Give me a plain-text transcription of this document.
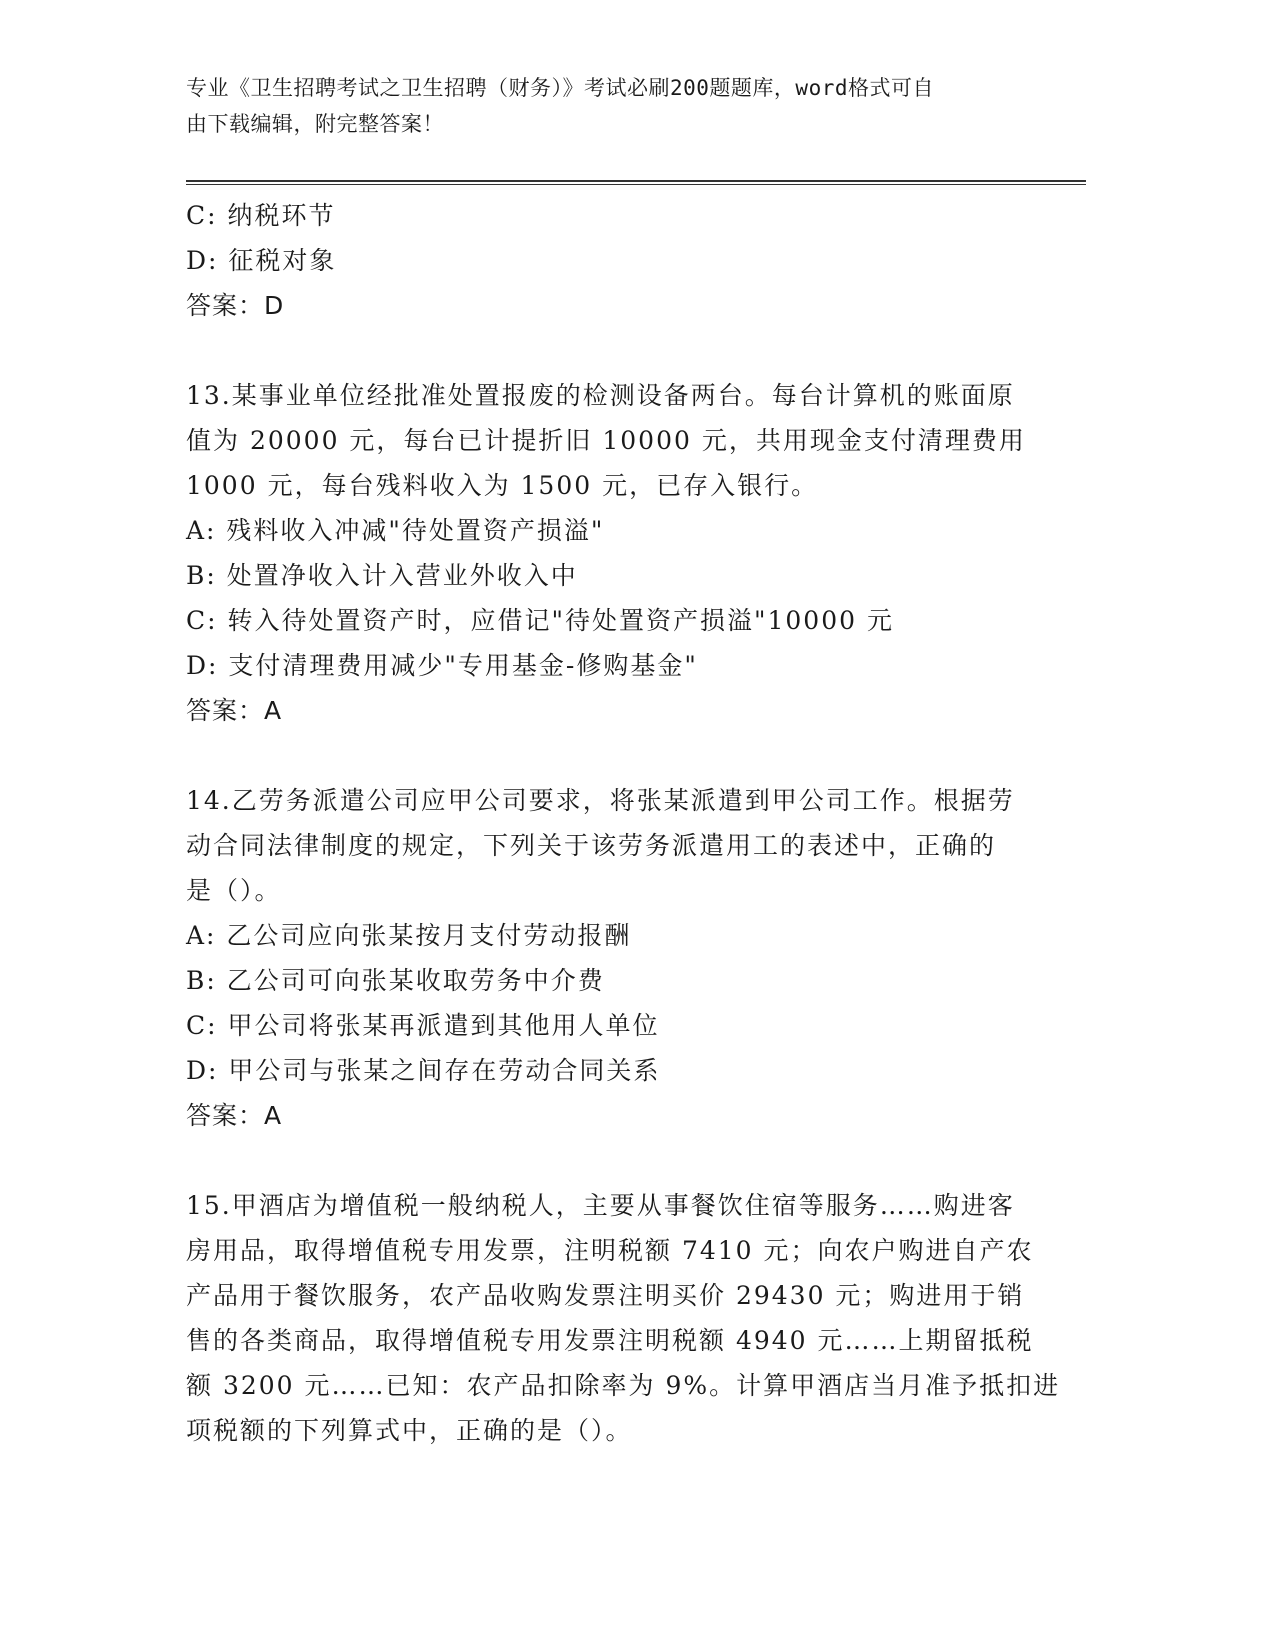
专业《卫生招聘考试之卫生招聘（财务）》考试必刷200题题库，word格式可自
由下载编辑，附完整答案！
C: 纳税环节
D: 征税对象
答案：D
13.某事业单位经批准处置报废的检测设备两台。每台计算机的账面原
值为 20000 元，每台已计提折旧 10000 元，共用现金支付清理费用
1000 元，每台残料收入为 1500 元，已存入银行。
A: 残料收入冲减"待处置资产损溢"
B: 处置净收入计入营业外收入中
C: 转入待处置资产时，应借记"待处置资产损溢"10000 元
D: 支付清理费用减少"专用基金-修购基金"
答案：A
14.乙劳务派遣公司应甲公司要求，将张某派遣到甲公司工作。根据劳
动合同法律制度的规定，下列关于该劳务派遣用工的表述中，正确的
是（）。
A: 乙公司应向张某按月支付劳动报酬
B: 乙公司可向张某收取劳务中介费
C: 甲公司将张某再派遣到其他用人单位
D: 甲公司与张某之间存在劳动合同关系
答案：A
15.甲酒店为增值税一般纳税人，主要从事餐饮住宿等服务……购进客
房用品，取得增值税专用发票，注明税额 7410 元；向农户购进自产农
产品用于餐饮服务，农产品收购发票注明买价 29430 元；购进用于销
售的各类商品，取得增值税专用发票注明税额 4940 元……上期留抵税
额 3200 元……已知：农产品扣除率为 9%。计算甲酒店当月准予抵扣进
项税额的下列算式中，正确的是（）。
